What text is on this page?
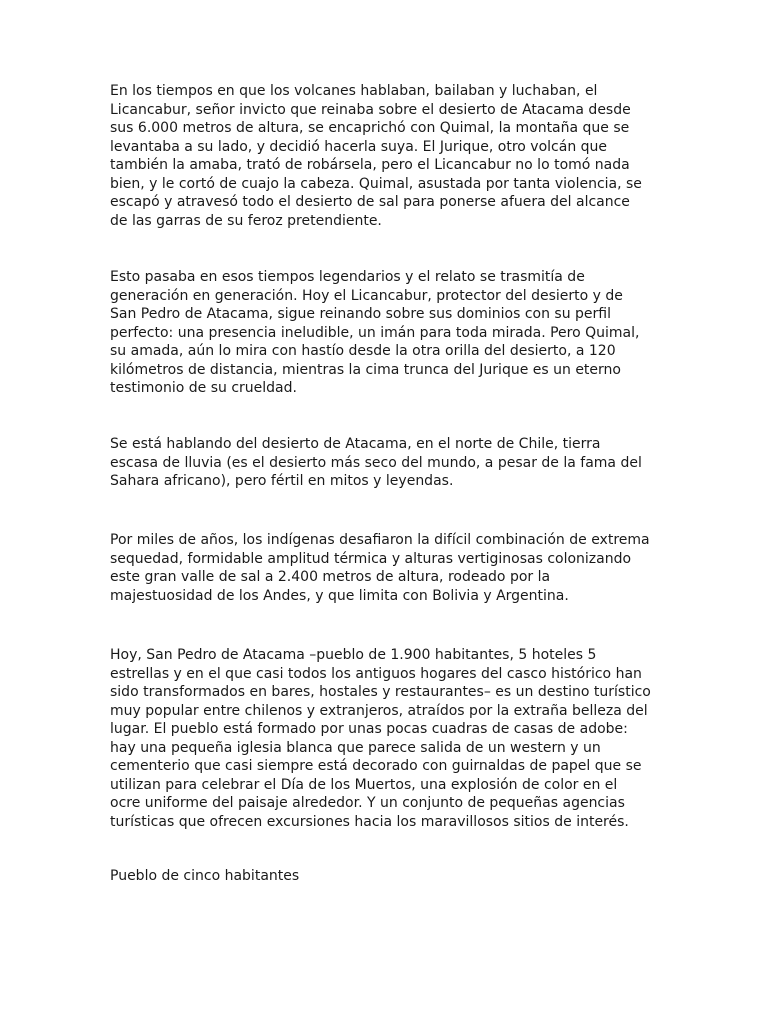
En los tiempos en que los volcanes hablaban, bailaban y luchaban, el
Licancabur, señor invicto que reinaba sobre el desierto de Atacama desde
sus 6.000 metros de altura, se encaprichó con Quimal, la montaña que se
levantaba a su lado, y decidió hacerla suya. El Jurique, otro volcán que
también la amaba, trató de robársela, pero el Licancabur no lo tomó nada
bien, y le cortó de cuajo la cabeza. Quimal, asustada por tanta violencia, se
escapó y atravesó todo el desierto de sal para ponerse afuera del alcance
de las garras de su feroz pretendiente.

Esto pasaba en esos tiempos legendarios y el relato se trasmitía de
generación en generación. Hoy el Licancabur, protector del desierto y de
San Pedro de Atacama, sigue reinando sobre sus dominios con su perfil
perfecto: una presencia ineludible, un imán para toda mirada. Pero Quimal,
su amada, aún lo mira con hastío desde la otra orilla del desierto, a 120
kilómetros de distancia, mientras la cima trunca del Jurique es un eterno
testimonio de su crueldad.

Se está hablando del desierto de Atacama, en el norte de Chile, tierra
escasa de lluvia (es el desierto más seco del mundo, a pesar de la fama del
Sahara africano), pero fértil en mitos y leyendas.

Por miles de años, los indígenas desafiaron la difícil combinación de extrema
sequedad, formidable amplitud térmica y alturas vertiginosas colonizando
este gran valle de sal a 2.400 metros de altura, rodeado por la
majestuosidad de los Andes, y que limita con Bolivia y Argentina.

Hoy, San Pedro de Atacama –pueblo de 1.900 habitantes, 5 hoteles 5
estrellas y en el que casi todos los antiguos hogares del casco histórico han
sido transformados en bares, hostales y restaurantes– es un destino turístico
muy popular entre chilenos y extranjeros, atraídos por la extraña belleza del
lugar. El pueblo está formado por unas pocas cuadras de casas de adobe:
hay una pequeña iglesia blanca que parece salida de un western y un
cementerio que casi siempre está decorado con guirnaldas de papel que se
utilizan para celebrar el Día de los Muertos, una explosión de color en el
ocre uniforme del paisaje alrededor. Y un conjunto de pequeñas agencias
turísticas que ofrecen excursiones hacia los maravillosos sitios de interés.

Pueblo de cinco habitantes
